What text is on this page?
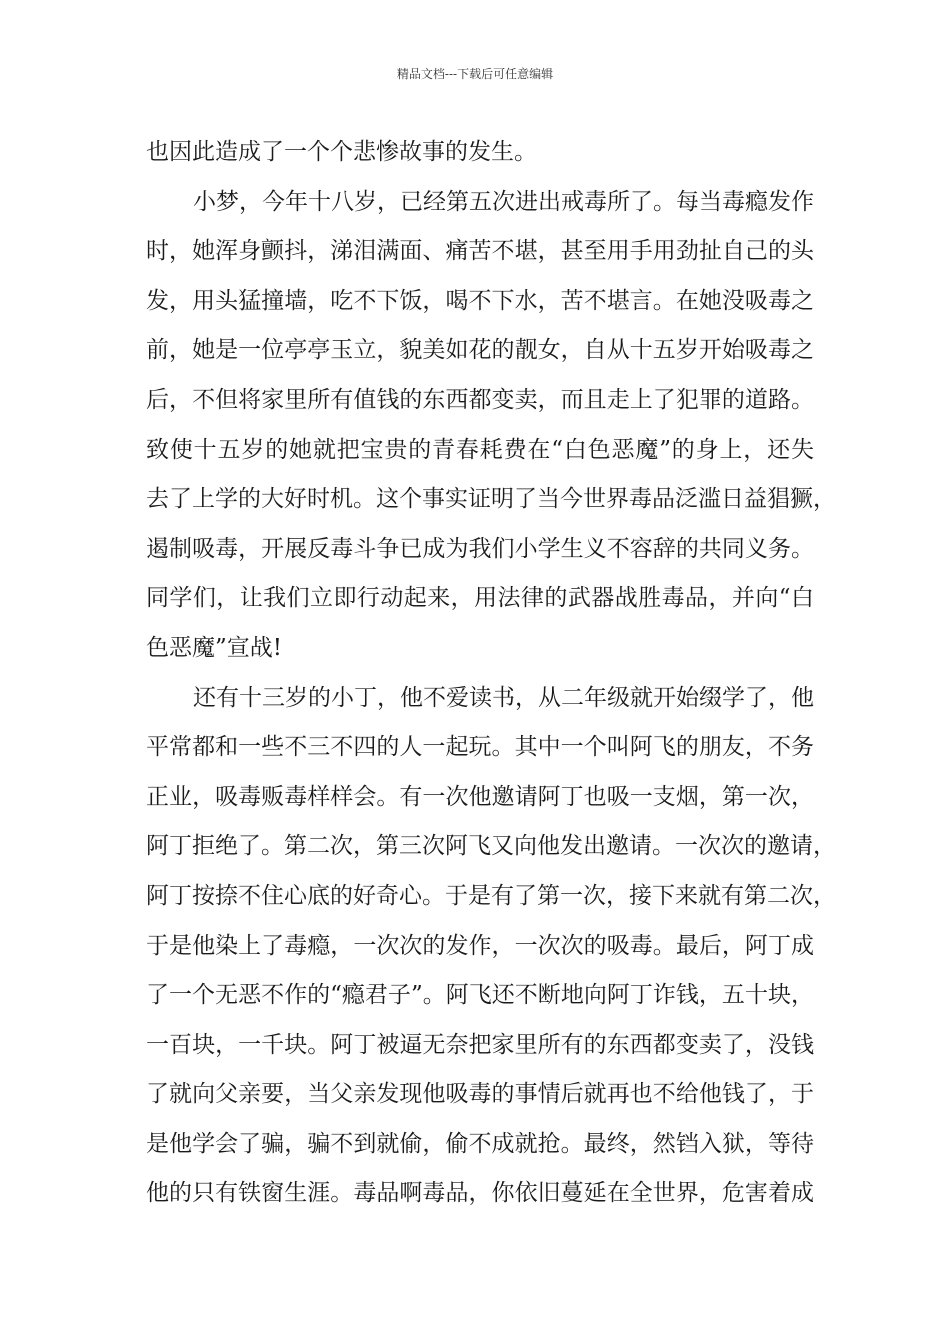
精品文档---下载后可任意编辑
也因此造成了一个个悲惨故事的发生。
小梦，今年十八岁，已经第五次进出戒毒所了。每当毒瘾发作
时，她浑身颤抖，涕泪满面、痛苦不堪，甚至用手用劲扯自己的头
发，用头猛撞墙，吃不下饭，喝不下水，苦不堪言。在她没吸毒之
前，她是一位亭亭玉立，貌美如花的靓女，自从十五岁开始吸毒之
后，不但将家里所有值钱的东西都变卖，而且走上了犯罪的道路。
致使十五岁的她就把宝贵的青春耗费在“白色恶魔”的身上，还失
去了上学的大好时机。这个事实证明了当今世界毒品泛滥日益猖獗，
遏制吸毒，开展反毒斗争已成为我们小学生义不容辞的共同义务。
同学们，让我们立即行动起来，用法律的武器战胜毒品，并向“白
色恶魔”宣战!
还有十三岁的小丁，他不爱读书，从二年级就开始缀学了，他
平常都和一些不三不四的人一起玩。其中一个叫阿飞的朋友，不务
正业，吸毒贩毒样样会。有一次他邀请阿丁也吸一支烟，第一次，
阿丁拒绝了。第二次，第三次阿飞又向他发出邀请。一次次的邀请，
阿丁按捺不住心底的好奇心。于是有了第一次，接下来就有第二次，
于是他染上了毒瘾，一次次的发作，一次次的吸毒。最后，阿丁成
了一个无恶不作的“瘾君子”。阿飞还不断地向阿丁诈钱，五十块，
一百块，一千块。阿丁被逼无奈把家里所有的东西都变卖了，没钱
了就向父亲要，当父亲发现他吸毒的事情后就再也不给他钱了，于
是他学会了骗，骗不到就偷，偷不成就抢。最终，然铛入狱，等待
他的只有铁窗生涯。毒品啊毒品，你依旧蔓延在全世界，危害着成
